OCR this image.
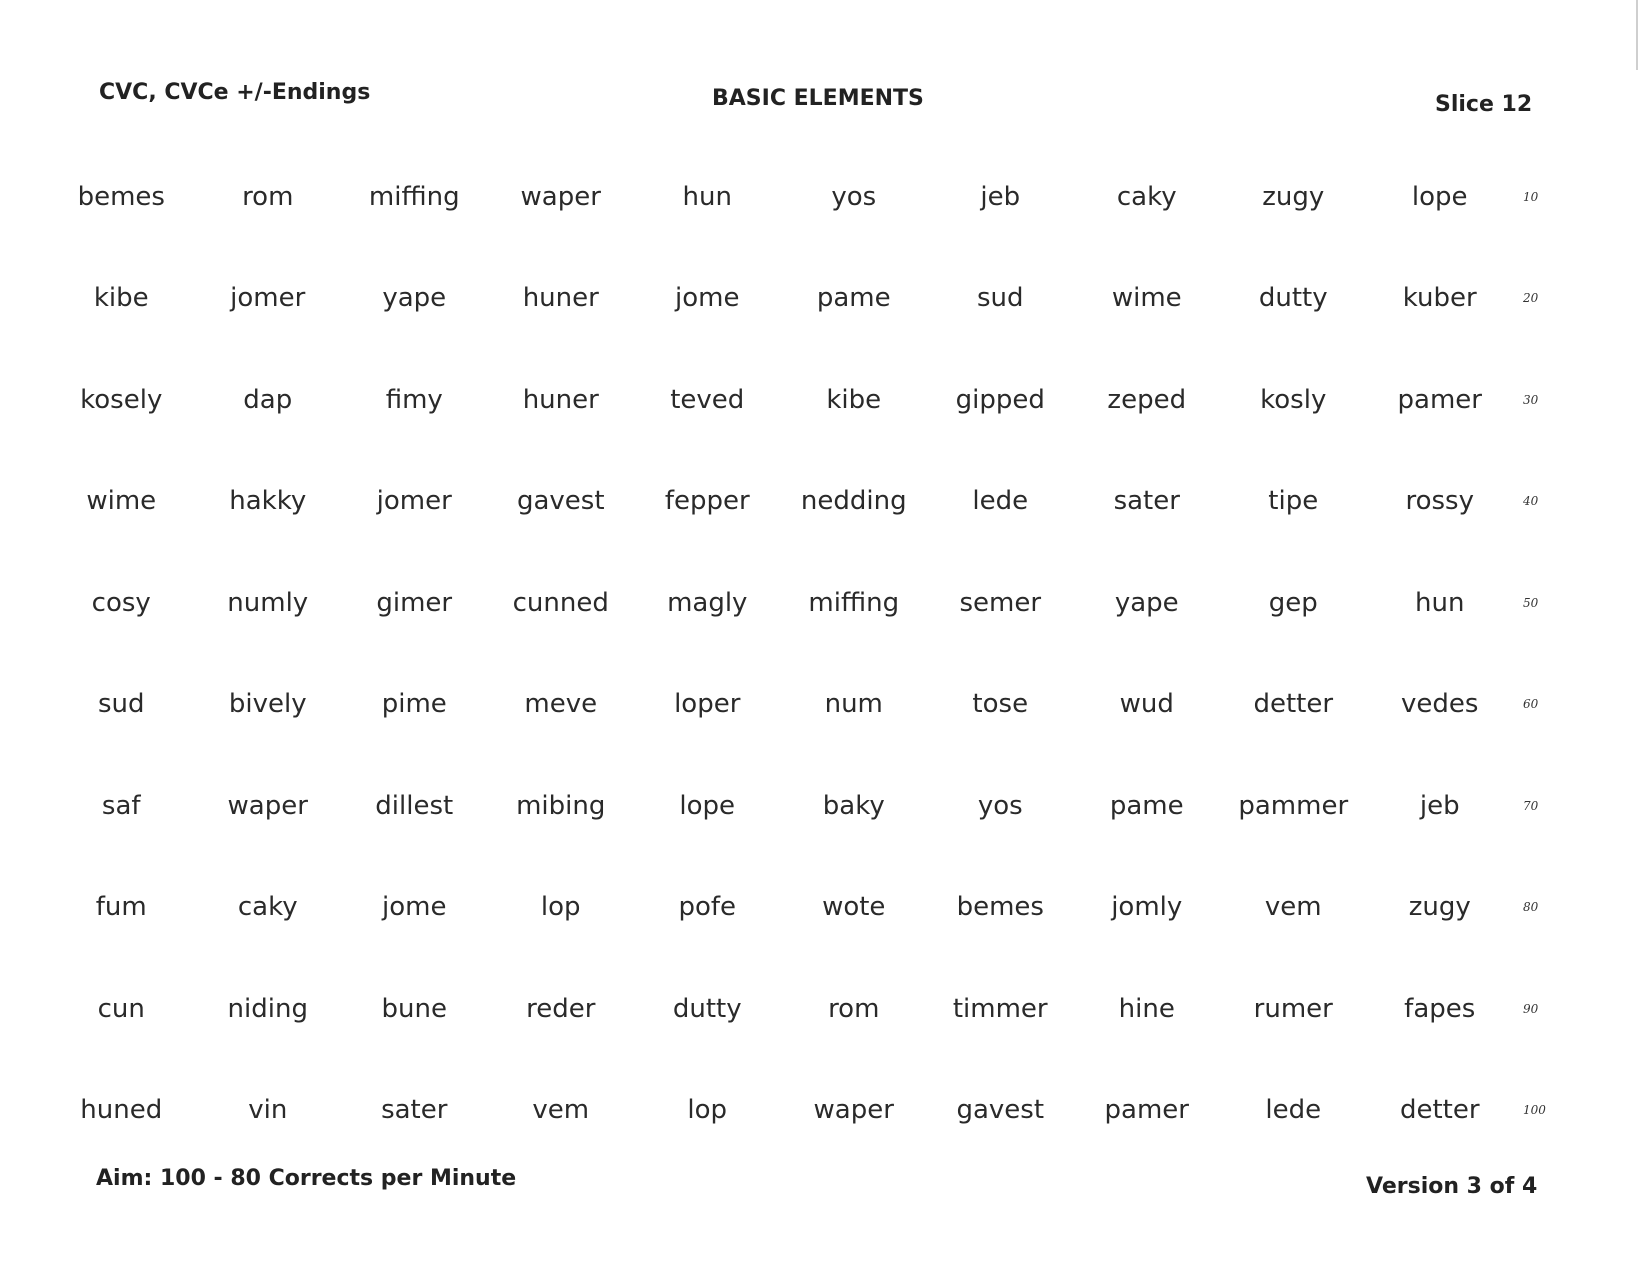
CVC, CVCe +/-Endings	BASIC ELEMENTS	Slice 12
bemes	rom	miffing	waper	hun	yos	jeb	caky	zugy	lope	10
kibe	jomer	yape	huner	jome	pame	sud	wime	dutty	kuber	20
kosely	dap	fimy	huner	teved	kibe	gipped	zeped	kosly	pamer	30
wime	hakky	jomer	gavest	fepper	nedding	lede	sater	tipe	rossy	40
cosy	numly	gimer	cunned	magly	miffing	semer	yape	gep	hun	50
sud	bively	pime	meve	loper	num	tose	wud	detter	vedes	60
saf	waper	dillest	mibing	lope	baky	yos	pame	pammer	jeb	70
fum	caky	jome	lop	pofe	wote	bemes	jomly	vem	zugy	80
cun	niding	bune	reder	dutty	rom	timmer	hine	rumer	fapes	90
huned	vin	sater	vem	lop	waper	gavest	pamer	lede	detter	100
Aim: 100 - 80 Corrects per Minute	Version 3 of 4
